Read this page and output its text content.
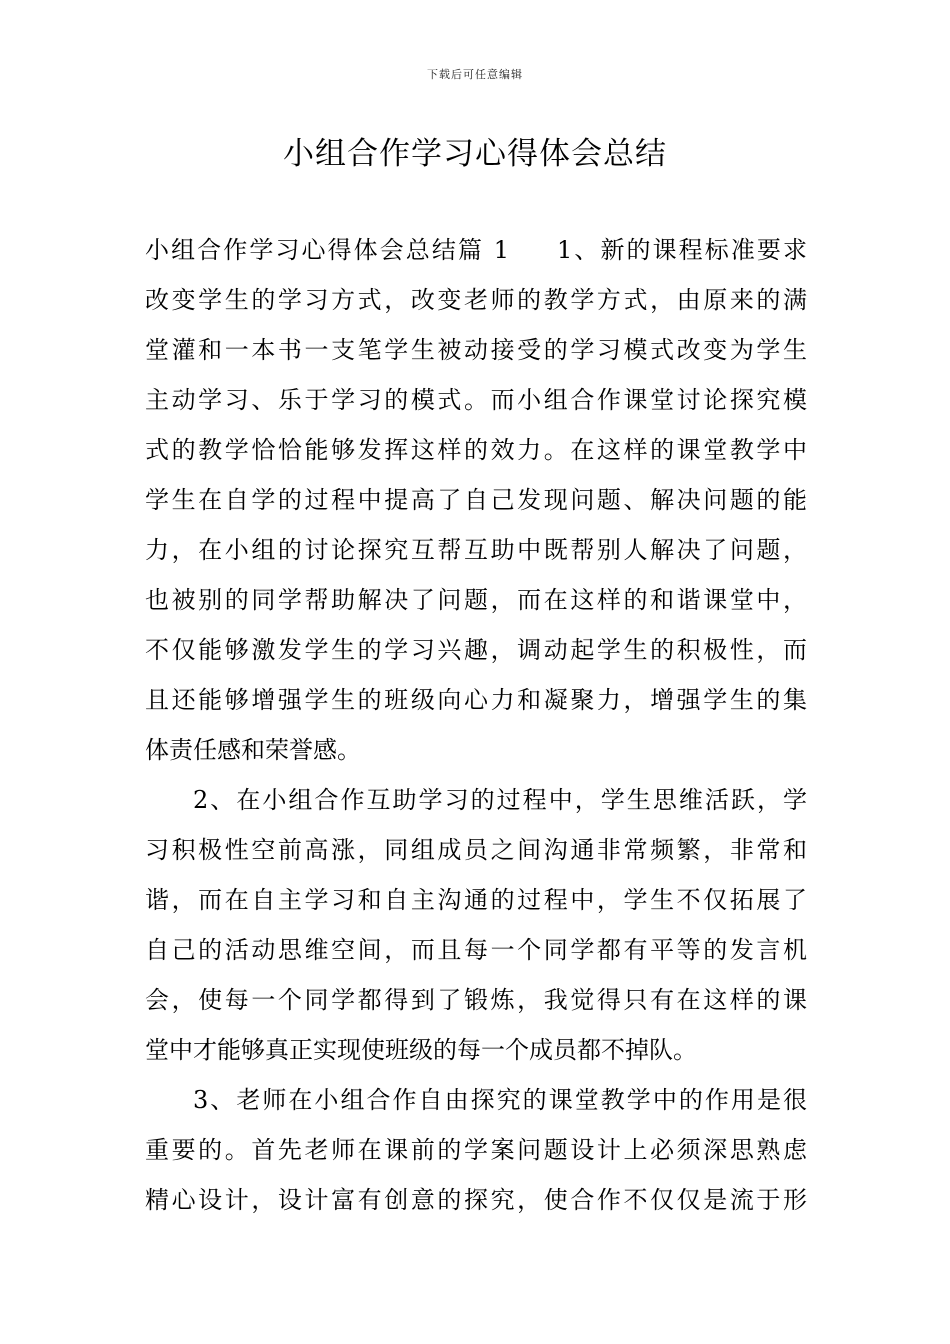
下载后可任意编辑
小组合作学习心得体会总结
小组合作学习心得体会总结篇 1 1、新的课程标准要求
改变学生的学习方式，改变老师的教学方式，由原来的满
堂灌和一本书一支笔学生被动接受的学习模式改变为学生
主动学习、乐于学习的模式。而小组合作课堂讨论探究模
式的教学恰恰能够发挥这样的效力。在这样的课堂教学中
学生在自学的过程中提高了自己发现问题、解决问题的能
力，在小组的讨论探究互帮互助中既帮别人解决了问题，
也被别的同学帮助解决了问题，而在这样的和谐课堂中，
不仅能够激发学生的学习兴趣，调动起学生的积极性，而
且还能够增强学生的班级向心力和凝聚力，增强学生的集
体责任感和荣誉感。
2、在小组合作互助学习的过程中，学生思维活跃，学
习积极性空前高涨，同组成员之间沟通非常频繁，非常和
谐，而在自主学习和自主沟通的过程中，学生不仅拓展了
自己的活动思维空间，而且每一个同学都有平等的发言机
会，使每一个同学都得到了锻炼，我觉得只有在这样的课
堂中才能够真正实现使班级的每一个成员都不掉队。
3、老师在小组合作自由探究的课堂教学中的作用是很
重要的。首先老师在课前的学案问题设计上必须深思熟虑
精心设计，设计富有创意的探究，使合作不仅仅是流于形
